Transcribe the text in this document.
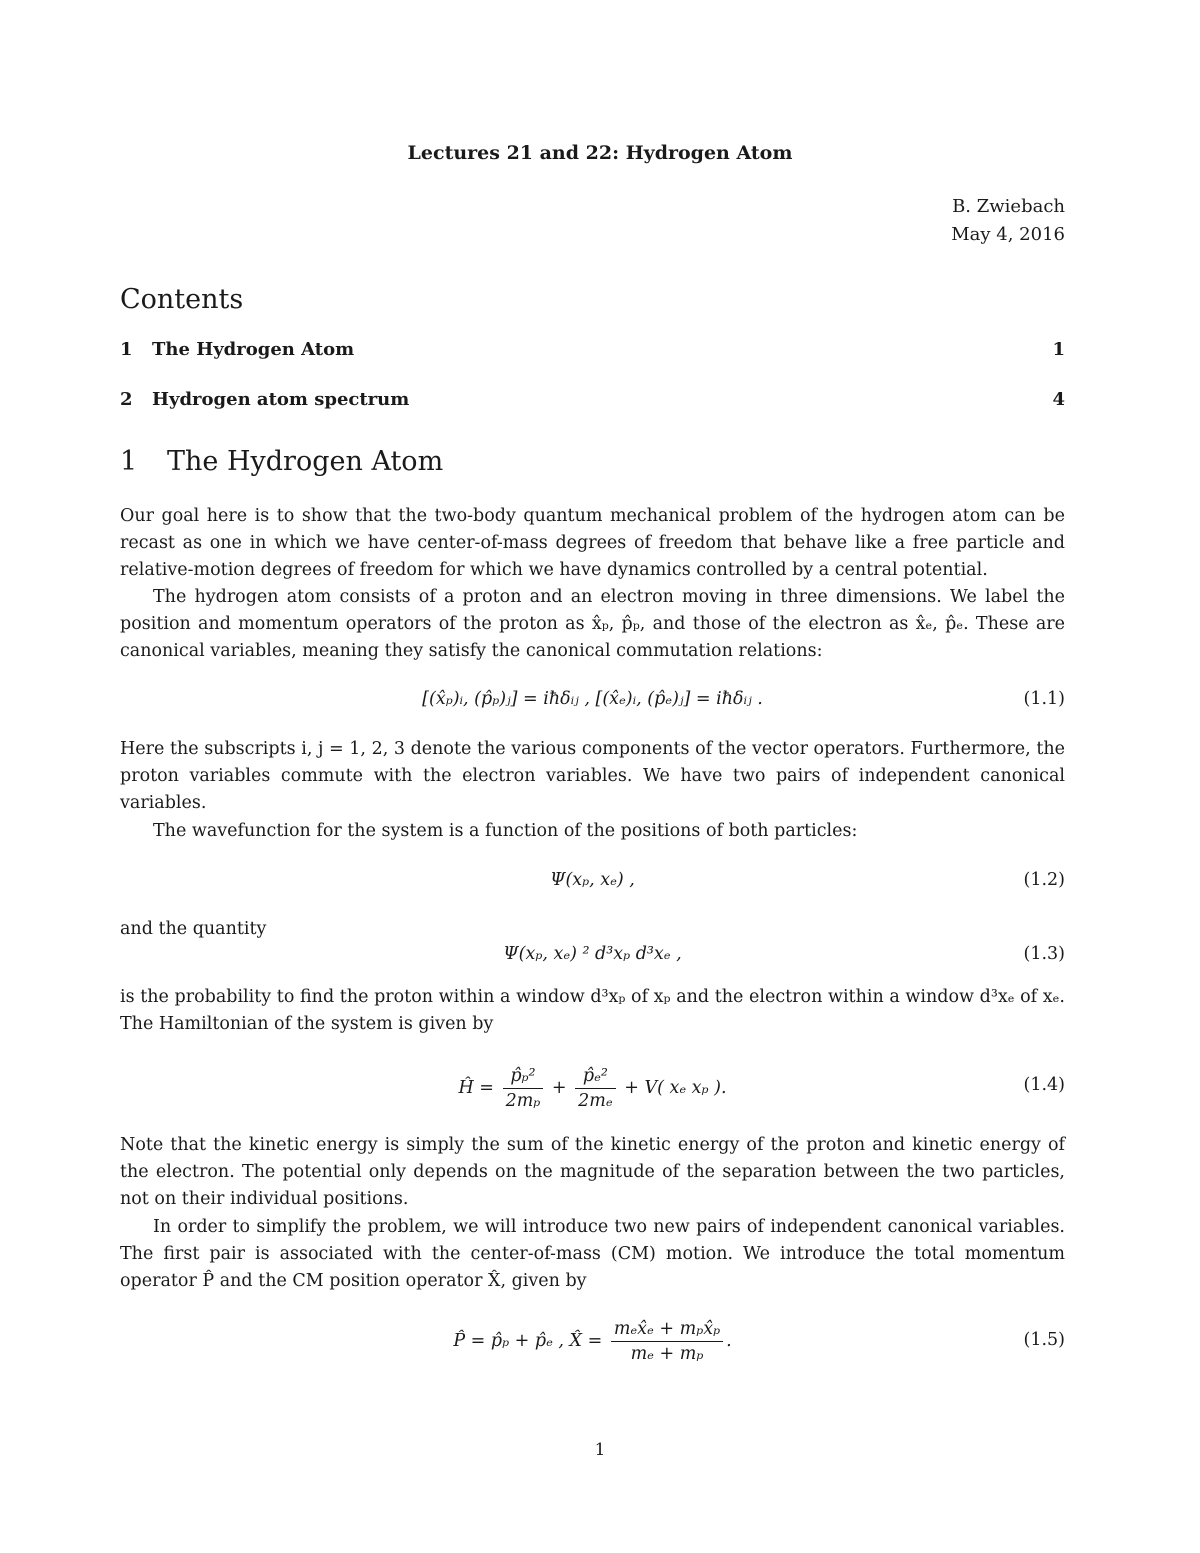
Lectures 21 and 22: Hydrogen Atom
B. Zwiebach
May 4, 2016
Contents
1	The Hydrogen Atom	1
2	Hydrogen atom spectrum	4
1	The Hydrogen Atom
Our goal here is to show that the two-body quantum mechanical problem of the hydrogen atom can be recast as one in which we have center-of-mass degrees of freedom that behave like a free particle and relative-motion degrees of freedom for which we have dynamics controlled by a central potential.
The hydrogen atom consists of a proton and an electron moving in three dimensions. We label the position and momentum operators of the proton as x̂ₚ, p̂ₚ, and those of the electron as x̂ₑ, p̂ₑ. These are canonical variables, meaning they satisfy the canonical commutation relations:
[(x̂ₚ)ᵢ, (p̂ₚ)ⱼ] = iħδᵢⱼ , [(x̂ₑ)ᵢ, (p̂ₑ)ⱼ] = iħδᵢⱼ .	(1.1)
Here the subscripts i, j = 1, 2, 3 denote the various components of the vector operators. Furthermore, the proton variables commute with the electron variables. We have two pairs of independent canonical variables.
The wavefunction for the system is a function of the positions of both particles:
Ψ(xₚ, xₑ) ,	(1.2)
and the quantity
Ψ(xₚ, xₑ) ² d³xₚ d³xₑ ,	(1.3)
is the probability to find the proton within a window d³xₚ of xₚ and the electron within a window d³xₑ of xₑ. The Hamiltonian of the system is given by
Ĥ = $\frac{\text{p̂ₚ²}}{\text{2mₚ}} + \frac{\text{p̂ₑ²}}{\text{2mₑ}} + V$( xₑ xₚ ).	(1.4)
Note that the kinetic energy is simply the sum of the kinetic energy of the proton and kinetic energy of the electron. The potential only depends on the magnitude of the separation between the two particles, not on their individual positions.
In order to simplify the problem, we will introduce two new pairs of independent canonical variables. The first pair is associated with the center-of-mass (CM) motion. We introduce the total momentum operator P̂ and the CM position operator X̂, given by
P̂ = p̂ₚ + p̂ₑ , X̂ = $\frac{\text{mₑx̂ₑ + mₚx̂ₚ}}{\text{mₑ + mₚ}}$ .	(1.5)
1
